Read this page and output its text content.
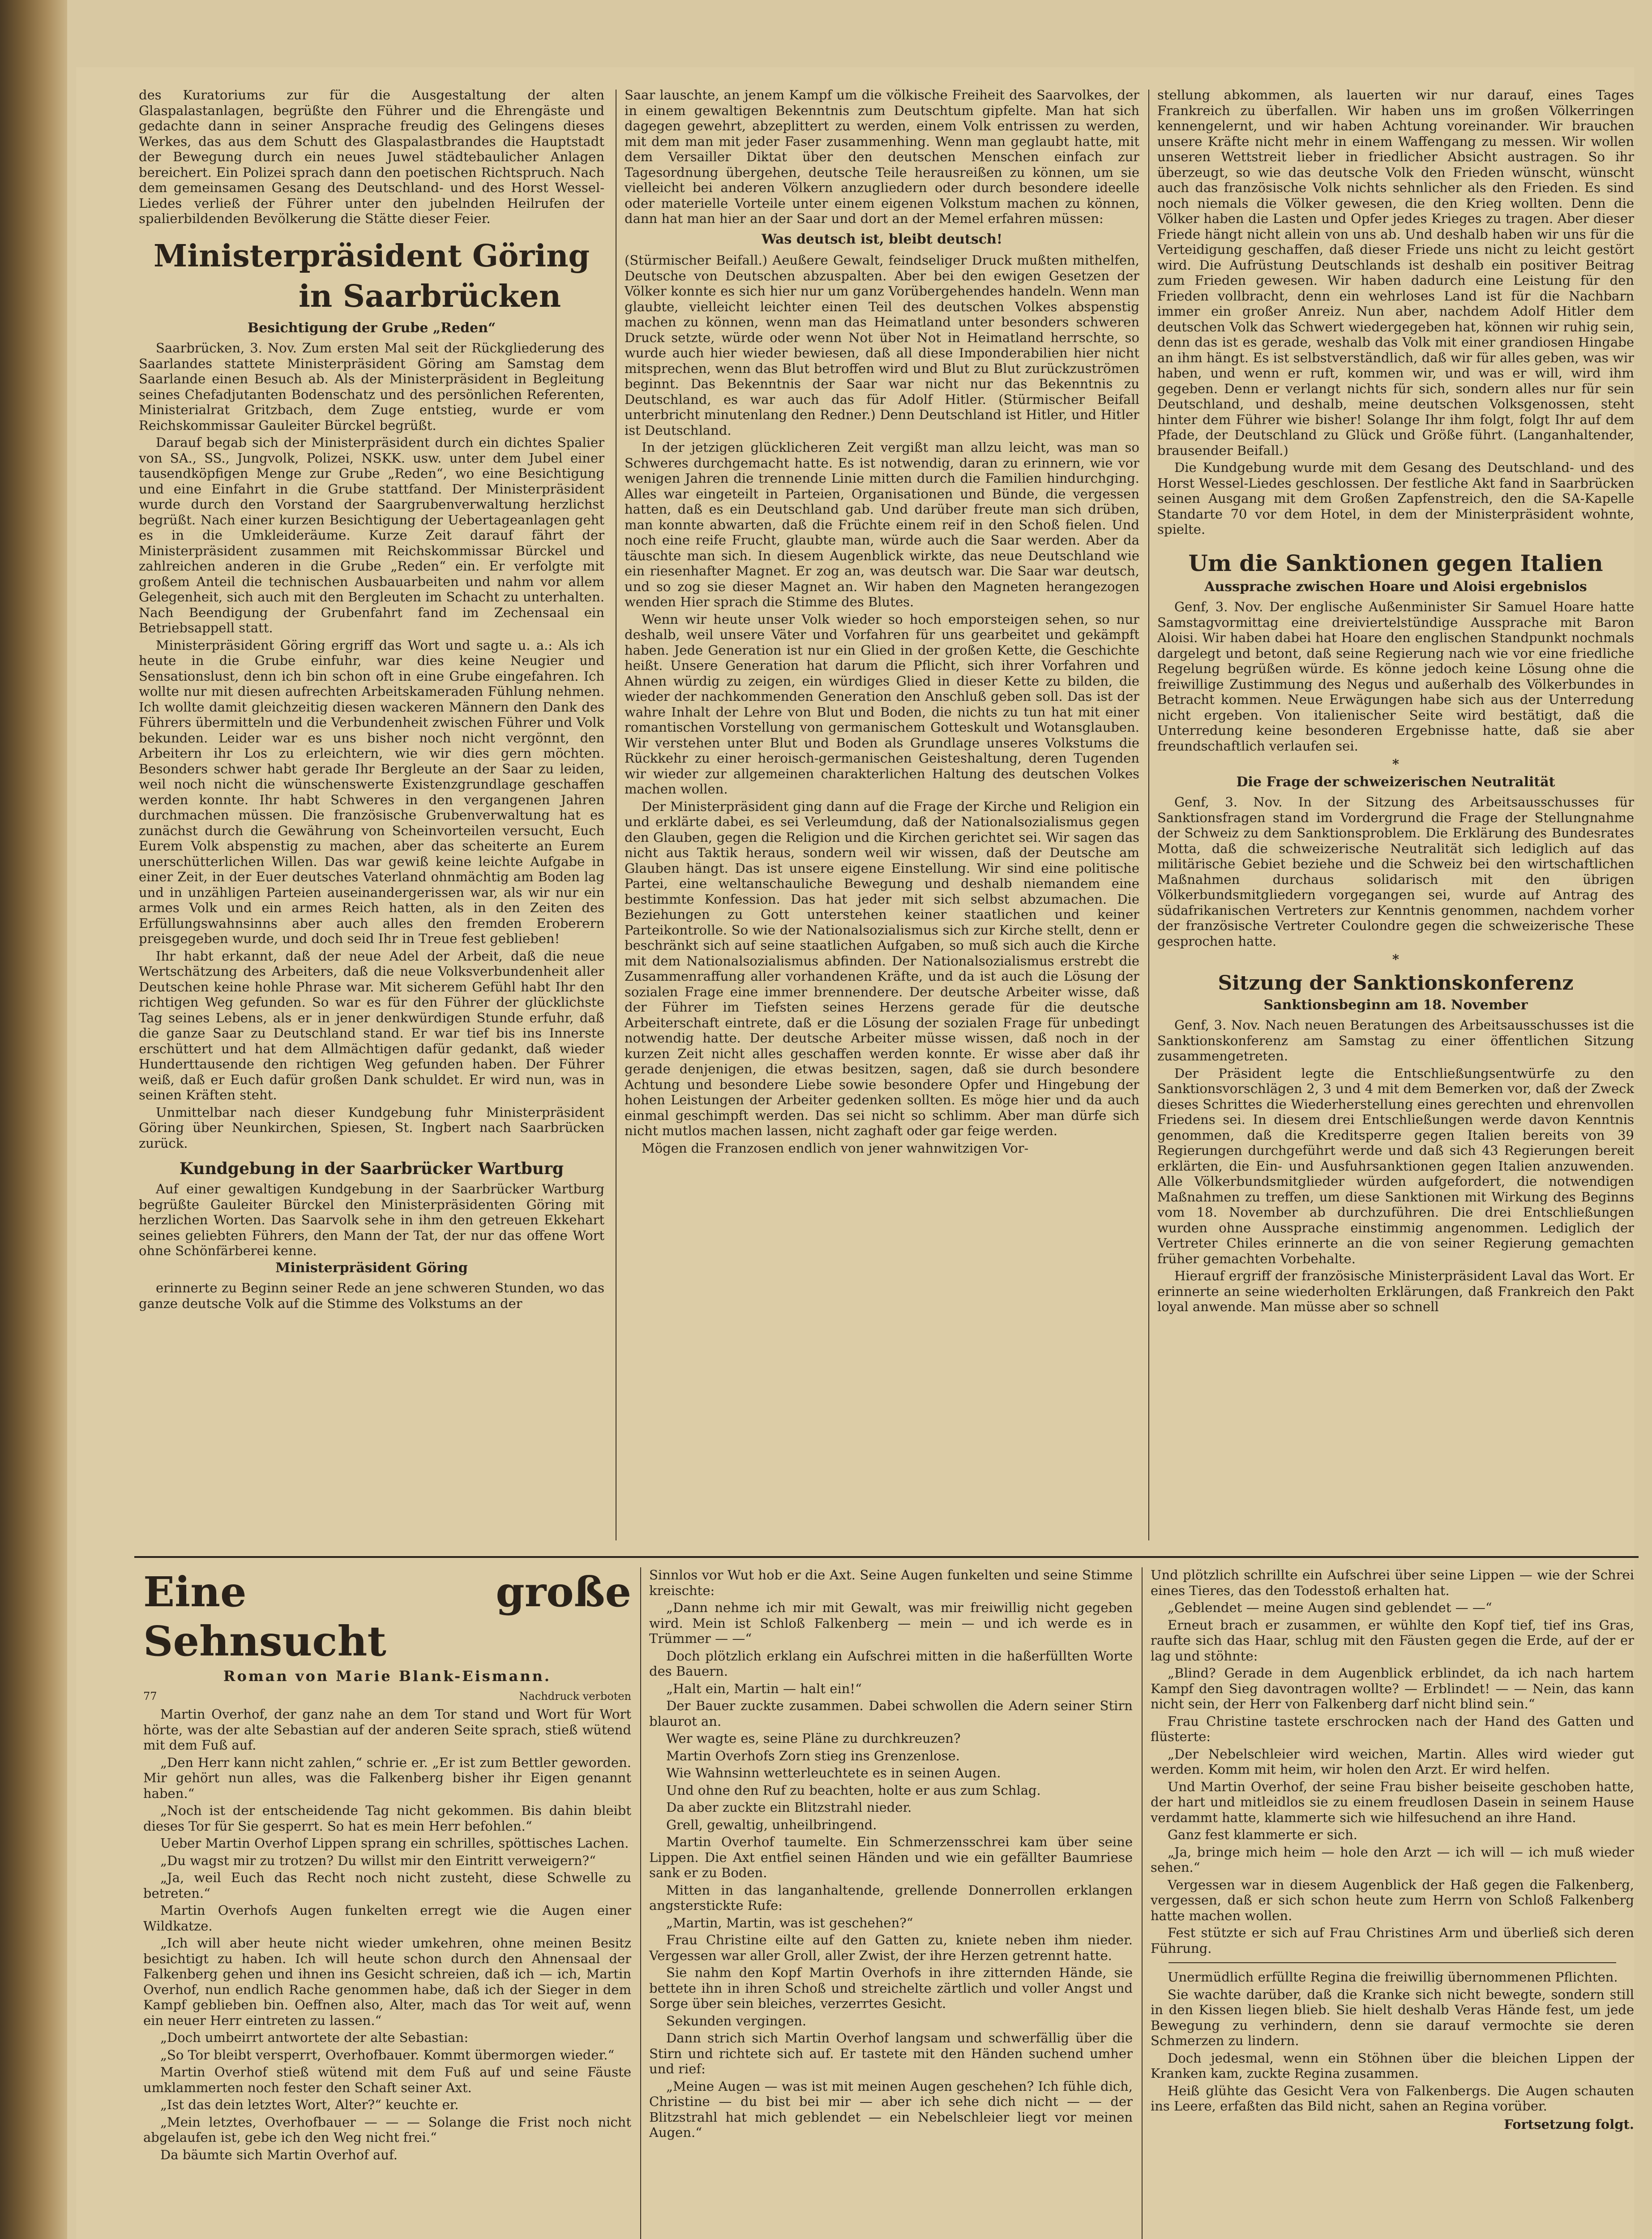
des Kuratoriums zur für die Ausgestaltung der alten Glaspalastanlagen, begrüßte den Führer und die Ehrengäste und gedachte dann in seiner Ansprache freudig des Gelingens dieses Werkes, das aus dem Schutt des Glaspalastbrandes die Hauptstadt der Bewegung durch ein neues Juwel städtebaulicher Anlagen bereichert. Ein Polizei sprach dann den poetischen Richtspruch. Nach dem gemeinsamen Gesang des Deutschland- und des Horst Wessel-Liedes verließ der Führer unter den jubelnden Heilrufen der spalierbildenden Bevölkerung die Stätte dieser Feier.

Ministerpräsident Göring
in Saarbrücken
Besichtigung der Grube „Reden“

Saarbrücken, 3. Nov. Zum ersten Mal seit der Rückgliederung des Saarlandes stattete Ministerpräsident Göring am Samstag dem Saarlande einen Besuch ab. Als der Ministerpräsident in Begleitung seines Chefadjutanten Bodenschatz und des persönlichen Referenten, Ministerialrat Gritzbach, dem Zuge entstieg, wurde er vom Reichskommissar Gauleiter Bürckel begrüßt.

Darauf begab sich der Ministerpräsident durch ein dichtes Spalier von SA., SS., Jungvolk, Polizei, NSKK. usw. unter dem Jubel einer tausendköpfigen Menge zur Grube „Reden“, wo eine Besichtigung und eine Einfahrt in die Grube stattfand. Der Ministerpräsident wurde durch den Vorstand der Saargrubenverwaltung herzlichst begrüßt. Nach einer kurzen Besichtigung der Uebertageanlagen geht es in die Umkleideräume. Kurze Zeit darauf fährt der Ministerpräsident zusammen mit Reichskommissar Bürckel und zahlreichen anderen in die Grube „Reden“ ein. Er verfolgte mit großem Anteil die technischen Ausbauarbeiten und nahm vor allem Gelegenheit, sich auch mit den Bergleuten im Schacht zu unterhalten. Nach Beendigung der Grubenfahrt fand im Zechensaal ein Betriebsappell statt.

Ministerpräsident Göring ergriff das Wort und sagte u. a.: Als ich heute in die Grube einfuhr, war dies keine Neugier und Sensationslust, denn ich bin schon oft in eine Grube eingefahren. Ich wollte nur mit diesen aufrechten Arbeitskameraden Fühlung nehmen. Ich wollte damit gleichzeitig diesen wackeren Männern den Dank des Führers übermitteln und die Verbundenheit zwischen Führer und Volk bekunden. Leider war es uns bisher noch nicht vergönnt, den Arbeitern ihr Los zu erleichtern, wie wir dies gern möchten. Besonders schwer habt gerade Ihr Bergleute an der Saar zu leiden, weil noch nicht die wünschenswerte Existenzgrundlage geschaffen werden konnte. Ihr habt Schweres in den vergangenen Jahren durchmachen müssen. Die französische Grubenverwaltung hat es zunächst durch die Gewährung von Scheinvorteilen versucht, Euch Eurem Volk abspenstig zu machen, aber das scheiterte an Eurem unerschütterlichen Willen. Das war gewiß keine leichte Aufgabe in einer Zeit, in der Euer deutsches Vaterland ohnmächtig am Boden lag und in unzähligen Parteien auseinandergerissen war, als wir nur ein armes Volk und ein armes Reich hatten, als in den Zeiten des Erfüllungswahnsinns aber auch alles den fremden Eroberern preisgegeben wurde, und doch seid Ihr in Treue fest geblieben!

Ihr habt erkannt, daß der neue Adel der Arbeit, daß die neue Wertschätzung des Arbeiters, daß die neue Volksverbundenheit aller Deutschen keine hohle Phrase war. Mit sicherem Gefühl habt Ihr den richtigen Weg gefunden. So war es für den Führer der glücklichste Tag seines Lebens, als er in jener denkwürdigen Stunde erfuhr, daß die ganze Saar zu Deutschland stand. Er war tief bis ins Innerste erschüttert und hat dem Allmächtigen dafür gedankt, daß wieder Hunderttausende den richtigen Weg gefunden haben. Der Führer weiß, daß er Euch dafür großen Dank schuldet. Er wird nun, was in seinen Kräften steht.

Unmittelbar nach dieser Kundgebung fuhr Ministerpräsident Göring über Neunkirchen, Spiesen, St. Ingbert nach Saarbrücken zurück.

Kundgebung in der Saarbrücker Wartburg

Auf einer gewaltigen Kundgebung in der Saarbrücker Wartburg begrüßte Gauleiter Bürckel den Ministerpräsidenten Göring mit herzlichen Worten. Das Saarvolk sehe in ihm den getreuen Ekkehart seines geliebten Führers, den Mann der Tat, der nur das offene Wort ohne Schönfärberei kenne.

Ministerpräsident Göring

erinnerte zu Beginn seiner Rede an jene schweren Stunden, wo das ganze deutsche Volk auf die Stimme des Volkstums an der

Saar lauschte, an jenem Kampf um die völkische Freiheit des Saarvolkes, der in einem gewaltigen Bekenntnis zum Deutschtum gipfelte. Man hat sich dagegen gewehrt, abzeplittert zu werden, einem Volk entrissen zu werden, mit dem man mit jeder Faser zusammenhing. Wenn man geglaubt hatte, mit dem Versailler Diktat über den deutschen Menschen einfach zur Tagesordnung übergehen, deutsche Teile herausreißen zu können, um sie vielleicht bei anderen Völkern anzugliedern oder durch besondere ideelle oder materielle Vorteile unter einem eigenen Volkstum machen zu können, dann hat man hier an der Saar und dort an der Memel erfahren müssen:

Was deutsch ist, bleibt deutsch!

(Stürmischer Beifall.) Aeußere Gewalt, feindseliger Druck mußten mithelfen, Deutsche von Deutschen abzuspalten. Aber bei den ewigen Gesetzen der Völker konnte es sich hier nur um ganz Vorübergehendes handeln. Wenn man glaubte, vielleicht leichter einen Teil des deutschen Volkes abspenstig machen zu können, wenn man das Heimatland unter besonders schweren Druck setzte, würde oder wenn Not über Not in Heimatland herrschte, so wurde auch hier wieder bewiesen, daß all diese Imponderabilien hier nicht mitsprechen, wenn das Blut betroffen wird und Blut zu Blut zurückzuströmen beginnt. Das Bekenntnis der Saar war nicht nur das Bekenntnis zu Deutschland, es war auch das für Adolf Hitler. (Stürmischer Beifall unterbricht minutenlang den Redner.) Denn Deutschland ist Hitler, und Hitler ist Deutschland.

In der jetzigen glücklicheren Zeit vergißt man allzu leicht, was man so Schweres durchgemacht hatte. Es ist notwendig, daran zu erinnern, wie vor wenigen Jahren die trennende Linie mitten durch die Familien hindurchging. Alles war eingeteilt in Parteien, Organisationen und Bünde, die vergessen hatten, daß es ein Deutschland gab. Und darüber freute man sich drüben, man konnte abwarten, daß die Früchte einem reif in den Schoß fielen. Und noch eine reife Frucht, glaubte man, würde auch die Saar werden. Aber da täuschte man sich. In diesem Augenblick wirkte, das neue Deutschland wie ein riesenhafter Magnet. Er zog an, was deutsch war. Die Saar war deutsch, und so zog sie dieser Magnet an. Wir haben den Magneten herangezogen wenden Hier sprach die Stimme des Blutes.

Wenn wir heute unser Volk wieder so hoch emporsteigen sehen, so nur deshalb, weil unsere Väter und Vorfahren für uns gearbeitet und gekämpft haben. Jede Generation ist nur ein Glied in der großen Kette, die Geschichte heißt. Unsere Generation hat darum die Pflicht, sich ihrer Vorfahren und Ahnen würdig zu zeigen, ein würdiges Glied in dieser Kette zu bilden, die wieder der nachkommenden Generation den Anschluß geben soll. Das ist der wahre Inhalt der Lehre von Blut und Boden, die nichts zu tun hat mit einer romantischen Vorstellung von germanischem Gotteskult und Wotansglauben. Wir verstehen unter Blut und Boden als Grundlage unseres Volkstums die Rückkehr zu einer heroisch-germanischen Geisteshaltung, deren Tugenden wir wieder zur allgemeinen charakterlichen Haltung des deutschen Volkes machen wollen.

Der Ministerpräsident ging dann auf die Frage der Kirche und Religion ein und erklärte dabei, es sei Verleumdung, daß der Nationalsozialismus gegen den Glauben, gegen die Religion und die Kirchen gerichtet sei. Wir sagen das nicht aus Taktik heraus, sondern weil wir wissen, daß der Deutsche am Glauben hängt. Das ist unsere eigene Einstellung. Wir sind eine politische Partei, eine weltanschauliche Bewegung und deshalb niemandem eine bestimmte Konfession. Das hat jeder mit sich selbst abzumachen. Die Beziehungen zu Gott unterstehen keiner staatlichen und keiner Parteikontrolle. So wie der Nationalsozialismus sich zur Kirche stellt, denn er beschränkt sich auf seine staatlichen Aufgaben, so muß sich auch die Kirche mit dem Nationalsozialismus abfinden. Der Nationalsozialismus erstrebt die Zusammenraffung aller vorhandenen Kräfte, und da ist auch die Lösung der sozialen Frage eine immer brennendere. Der deutsche Arbeiter wisse, daß der Führer im Tiefsten seines Herzens gerade für die deutsche Arbeiterschaft eintrete, daß er die Lösung der sozialen Frage für unbedingt notwendig hatte. Der deutsche Arbeiter müsse wissen, daß noch in der kurzen Zeit nicht alles geschaffen werden konnte. Er wisse aber daß ihr gerade denjenigen, die etwas besitzen, sagen, daß sie durch besondere Achtung und besondere Liebe sowie besondere Opfer und Hingebung der hohen Leistungen der Arbeiter gedenken sollten. Es möge hier und da auch einmal geschimpft werden. Das sei nicht so schlimm. Aber man dürfe sich nicht mutlos machen lassen, nicht zaghaft oder gar feige werden.

Mögen die Franzosen endlich von jener wahnwitzigen Vor-

stellung abkommen, als lauerten wir nur darauf, eines Tages Frankreich zu überfallen. Wir haben uns im großen Völkerringen kennengelernt, und wir haben Achtung voreinander. Wir brauchen unsere Kräfte nicht mehr in einem Waffengang zu messen. Wir wollen unseren Wettstreit lieber in friedlicher Absicht austragen. So ihr überzeugt, so wie das deutsche Volk den Frieden wünscht, wünscht auch das französische Volk nichts sehnlicher als den Frieden. Es sind noch niemals die Völker gewesen, die den Krieg wollten. Denn die Völker haben die Lasten und Opfer jedes Krieges zu tragen. Aber dieser Friede hängt nicht allein von uns ab. Und deshalb haben wir uns für die Verteidigung geschaffen, daß dieser Friede uns nicht zu leicht gestört wird. Die Aufrüstung Deutschlands ist deshalb ein positiver Beitrag zum Frieden gewesen. Wir haben dadurch eine Leistung für den Frieden vollbracht, denn ein wehrloses Land ist für die Nachbarn immer ein großer Anreiz. Nun aber, nachdem Adolf Hitler dem deutschen Volk das Schwert wiedergegeben hat, können wir ruhig sein, denn das ist es gerade, weshalb das Volk mit einer grandiosen Hingabe an ihm hängt. Es ist selbstverständlich, daß wir für alles geben, was wir haben, und wenn er ruft, kommen wir, und was er will, wird ihm gegeben. Denn er verlangt nichts für sich, sondern alles nur für sein Deutschland, und deshalb, meine deutschen Volksgenossen, steht hinter dem Führer wie bisher! Solange Ihr ihm folgt, folgt Ihr auf dem Pfade, der Deutschland zu Glück und Größe führt. (Langanhaltender, brausender Beifall.)

Die Kundgebung wurde mit dem Gesang des Deutschland- und des Horst Wessel-Liedes geschlossen. Der festliche Akt fand in Saarbrücken seinen Ausgang mit dem Großen Zapfenstreich, den die SA-Kapelle Standarte 70 vor dem Hotel, in dem der Ministerpräsident wohnte, spielte.

Um die Sanktionen gegen Italien
Aussprache zwischen Hoare und Aloisi ergebnislos

Genf, 3. Nov. Der englische Außenminister Sir Samuel Hoare hatte Samstagvormittag eine dreiviertelstündige Aussprache mit Baron Aloisi. Wir haben dabei hat Hoare den englischen Standpunkt nochmals dargelegt und betont, daß seine Regierung nach wie vor eine friedliche Regelung begrüßen würde. Es könne jedoch keine Lösung ohne die freiwillige Zustimmung des Negus und außerhalb des Völkerbundes in Betracht kommen. Neue Erwägungen habe sich aus der Unterredung nicht ergeben. Von italienischer Seite wird bestätigt, daß die Unterredung keine besonderen Ergebnisse hatte, daß sie aber freundschaftlich verlaufen sei.

*
Die Frage der schweizerischen Neutralität

Genf, 3. Nov. In der Sitzung des Arbeitsausschusses für Sanktionsfragen stand im Vordergrund die Frage der Stellungnahme der Schweiz zu dem Sanktionsproblem. Die Erklärung des Bundesrates Motta, daß die schweizerische Neutralität sich lediglich auf das militärische Gebiet beziehe und die Schweiz bei den wirtschaftlichen Maßnahmen durchaus solidarisch mit den übrigen Völkerbundsmitgliedern vorgegangen sei, wurde auf Antrag des südafrikanischen Vertreters zur Kenntnis genommen, nachdem vorher der französische Vertreter Coulondre gegen die schweizerische These gesprochen hatte.

*
Sitzung der Sanktionskonferenz
Sanktionsbeginn am 18. November

Genf, 3. Nov. Nach neuen Beratungen des Arbeitsausschusses ist die Sanktionskonferenz am Samstag zu einer öffentlichen Sitzung zusammengetreten.

Der Präsident legte die Entschließungsentwürfe zu den Sanktionsvorschlägen 2, 3 und 4 mit dem Bemerken vor, daß der Zweck dieses Schrittes die Wiederherstellung eines gerechten und ehrenvollen Friedens sei. In diesem drei Entschließungen werde davon Kenntnis genommen, daß die Kreditsperre gegen Italien bereits von 39 Regierungen durchgeführt werde und daß sich 43 Regierungen bereit erklärten, die Ein- und Ausfuhrsanktionen gegen Italien anzuwenden. Alle Völkerbundsmitglieder würden aufgefordert, die notwendigen Maßnahmen zu treffen, um diese Sanktionen mit Wirkung des Beginns vom 18. November ab durchzuführen. Die drei Entschließungen wurden ohne Aussprache einstimmig angenommen. Lediglich der Vertreter Chiles erinnerte an die von seiner Regierung gemachten früher gemachten Vorbehalte.

Hierauf ergriff der französische Ministerpräsident Laval das Wort. Er erinnerte an seine wiederholten Erklärungen, daß Frankreich den Pakt loyal anwende. Man müsse aber so schnell

Eine große Sehnsucht
Roman von Marie Blank-Eismann.
77	Nachdruck verboten

Martin Overhof, der ganz nahe an dem Tor stand und Wort für Wort hörte, was der alte Sebastian auf der anderen Seite sprach, stieß wütend mit dem Fuß auf.

„Den Herr kann nicht zahlen,“ schrie er. „Er ist zum Bettler geworden. Mir gehört nun alles, was die Falkenberg bisher ihr Eigen genannt haben.“

„Noch ist der entscheidende Tag nicht gekommen. Bis dahin bleibt dieses Tor für Sie gesperrt. So hat es mein Herr befohlen.“

Ueber Martin Overhof Lippen sprang ein schrilles, spöttisches Lachen.

„Du wagst mir zu trotzen? Du willst mir den Eintritt verweigern?“

„Ja, weil Euch das Recht noch nicht zusteht, diese Schwelle zu betreten.“

Martin Overhofs Augen funkelten erregt wie die Augen einer Wildkatze.

„Ich will aber heute nicht wieder umkehren, ohne meinen Besitz besichtigt zu haben. Ich will heute schon durch den Ahnensaal der Falkenberg gehen und ihnen ins Gesicht schreien, daß ich — ich, Martin Overhof, nun endlich Rache genommen habe, daß ich der Sieger in dem Kampf geblieben bin. Oeffnen also, Alter, mach das Tor weit auf, wenn ein neuer Herr eintreten zu lassen.“

„Doch umbeirrt antwortete der alte Sebastian:

„So Tor bleibt versperrt, Overhofbauer. Kommt übermorgen wieder.“

Martin Overhof stieß wütend mit dem Fuß auf und seine Fäuste umklammerten noch fester den Schaft seiner Axt.

„Ist das dein letztes Wort, Alter?“ keuchte er.

„Mein letztes, Overhofbauer — — — Solange die Frist noch nicht abgelaufen ist, gebe ich den Weg nicht frei.“

Da bäumte sich Martin Overhof auf.

Sinnlos vor Wut hob er die Axt. Seine Augen funkelten und seine Stimme kreischte:

„Dann nehme ich mir mit Gewalt, was mir freiwillig nicht gegeben wird. Mein ist Schloß Falkenberg — mein — und ich werde es in Trümmer — —“

Doch plötzlich erklang ein Aufschrei mitten in die haßerfüllten Worte des Bauern.

„Halt ein, Martin — halt ein!“

Der Bauer zuckte zusammen. Dabei schwollen die Adern seiner Stirn blaurot an.

Wer wagte es, seine Pläne zu durchkreuzen?

Martin Overhofs Zorn stieg ins Grenzenlose.

Wie Wahnsinn wetterleuchtete es in seinen Augen.

Und ohne den Ruf zu beachten, holte er aus zum Schlag.

Da aber zuckte ein Blitzstrahl nieder.

Grell, gewaltig, unheilbringend.

Martin Overhof taumelte. Ein Schmerzensschrei kam über seine Lippen. Die Axt entfiel seinen Händen und wie ein gefällter Baumriese sank er zu Boden.

Mitten in das langanhaltende, grellende Donnerrollen erklangen angsterstickte Rufe:

„Martin, Martin, was ist geschehen?“

Frau Christine eilte auf den Gatten zu, kniete neben ihm nieder. Vergessen war aller Groll, aller Zwist, der ihre Herzen getrennt hatte.

Sie nahm den Kopf Martin Overhofs in ihre zitternden Hände, sie bettete ihn in ihren Schoß und streichelte zärtlich und voller Angst und Sorge über sein bleiches, verzerrtes Gesicht.

Sekunden vergingen.

Dann strich sich Martin Overhof langsam und schwerfällig über die Stirn und richtete sich auf. Er tastete mit den Händen suchend umher und rief:

„Meine Augen — was ist mit meinen Augen geschehen? Ich fühle dich, Christine — du bist bei mir — aber ich sehe dich nicht — — der Blitzstrahl hat mich geblendet — ein Nebelschleier liegt vor meinen Augen.“

Und plötzlich schrillte ein Aufschrei über seine Lippen — wie der Schrei eines Tieres, das den Todesstoß erhalten hat.

„Geblendet — meine Augen sind geblendet — —“

Erneut brach er zusammen, er wühlte den Kopf tief, tief ins Gras, raufte sich das Haar, schlug mit den Fäusten gegen die Erde, auf der er lag und stöhnte:

„Blind? Gerade in dem Augenblick erblindet, da ich nach hartem Kampf den Sieg davontragen wollte? — Erblindet! — — Nein, das kann nicht sein, der Herr von Falkenberg darf nicht blind sein.“

Frau Christine tastete erschrocken nach der Hand des Gatten und flüsterte:

„Der Nebelschleier wird weichen, Martin. Alles wird wieder gut werden. Komm mit heim, wir holen den Arzt. Er wird helfen.

Und Martin Overhof, der seine Frau bisher beiseite geschoben hatte, der hart und mitleidlos sie zu einem freudlosen Dasein in seinem Hause verdammt hatte, klammerte sich wie hilfesuchend an ihre Hand.

Ganz fest klammerte er sich.

„Ja, bringe mich heim — hole den Arzt — ich will — ich muß wieder sehen.“

Vergessen war in diesem Augenblick der Haß gegen die Falkenberg, vergessen, daß er sich schon heute zum Herrn von Schloß Falkenberg hatte machen wollen.

Fest stützte er sich auf Frau Christines Arm und überließ sich deren Führung.

Unermüdlich erfüllte Regina die freiwillig übernommenen Pflichten.

Sie wachte darüber, daß die Kranke sich nicht bewegte, sondern still in den Kissen liegen blieb. Sie hielt deshalb Veras Hände fest, um jede Bewegung zu verhindern, denn sie darauf vermochte sie deren Schmerzen zu lindern.

Doch jedesmal, wenn ein Stöhnen über die bleichen Lippen der Kranken kam, zuckte Regina zusammen.

Heiß glühte das Gesicht Vera von Falkenbergs. Die Augen schauten ins Leere, erfaßten das Bild nicht, sahen an Regina vorüber.

Fortsetzung folgt.
